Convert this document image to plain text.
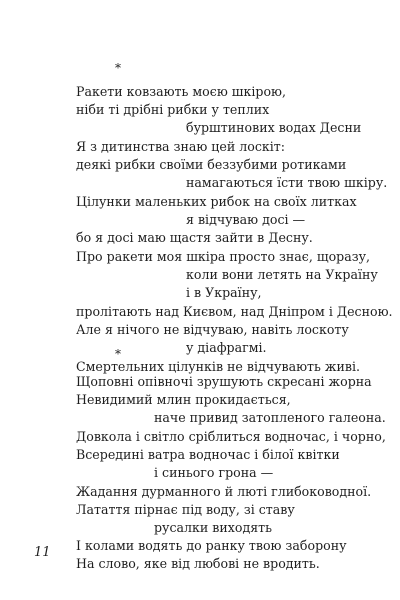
*
Ракети ковзають моєю шкірою,
ніби ті дрібні рибки у теплих
бурштинових водах Десни
Я з дитинства знаю цей лоскіт:
деякі рибки своїми беззубими ротиками
намагаються їсти твою шкіру.
Цілунки маленьких рибок на своїх литках
я відчуваю досі —
бо я досі маю щастя зайти в Десну.
Про ракети моя шкіра просто знає, щоразу,
коли вони летять на Україну
і в Україну,
пролітають над Києвом, над Дніпром і Десною.
Але я нічого не відчуваю, навіть лоскоту
у діафрагмі.
Смертельних цілунків не відчувають живі.
*
Щоповні опівночі зрушують скресані жорна
Невидимий млин прокидається,
наче привид затопленого галеона.
Довкола і світло сріблиться водночас, і чорно,
Всередині ватра водночас і білої квітки
і синього грона —
Жадання дурманного й люті глибоководної.
Латаття пірнає під воду, зі ставу
русалки виходять
І колами водять до ранку твою заборону
На слово, яке від любові не вродить.
11
